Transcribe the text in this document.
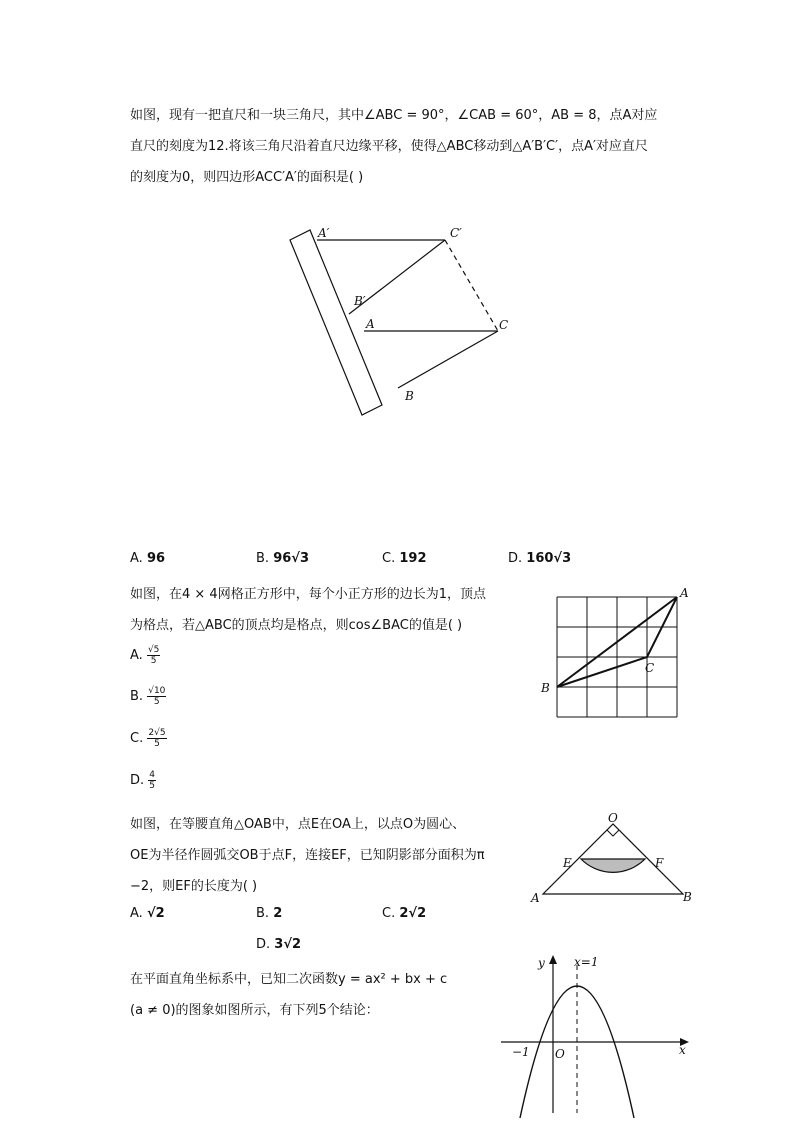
如图，现有一把直尺和一块三角尺，其中∠ABC = 90°，∠CAB = 60°，AB = 8，点A对应
直尺的刻度为12.将该三角尺沿着直尺边缘平移，使得△ABC移动到△A′B′C′，点A′对应直尺
的刻度为0，则四边形ACC′A′的面积是( )
A′	C′
B′
A	C
B
A. 96	B. 96√3	C. 192	D. 160√3
如图，在4 × 4网格正方形中，每个小正方形的边长为1，顶点
为格点，若△ABC的顶点均是格点，则cos∠BAC的值是( )
A. $\frac{√5}{5}$
B. $\frac{√10}{5}$
C. $\frac{2√5}{5}$
D. $\frac{4}{5}$
A
B
C
如图，在等腰直角△OAB中，点E在OA上，以点O为圆心、
OE为半径作圆弧交OB于点F，连接EF，已知阴影部分面积为π
−2，则EF的长度为( )
A. √2	B. 2	C. 2√2
D. 3√2
O
E	F
A	B
在平面直角坐标系中，已知二次函数y = ax² + bx + c
(a ≠ 0)的图象如图所示，有下列5个结论：
y x=1
−1 O	x
